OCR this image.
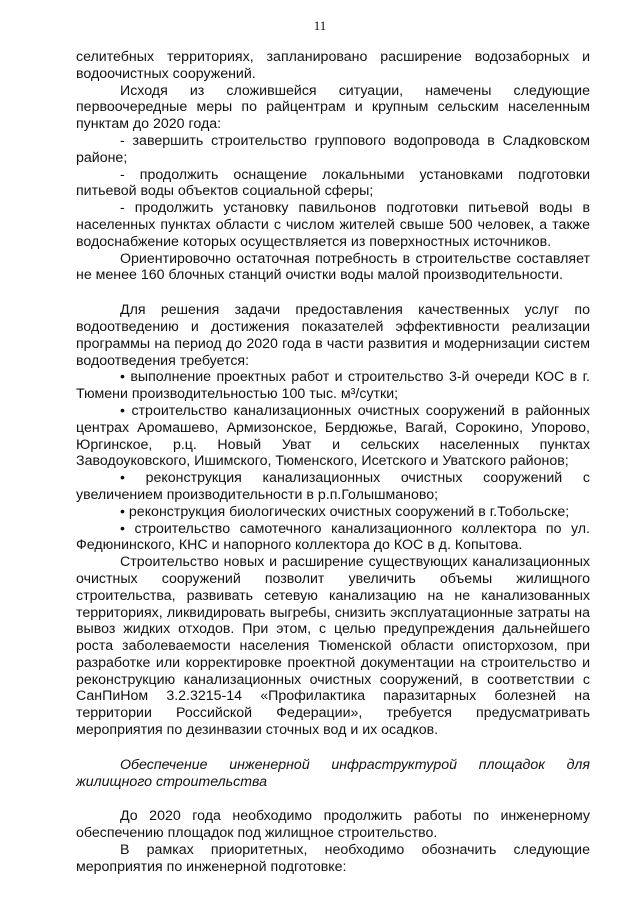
11

селитебных территориях, запланировано расширение водозаборных и водоочистных сооружений.

Исходя из сложившейся ситуации, намечены следующие первоочередные меры по райцентрам и крупным сельским населенным пунктам до 2020 года:

- завершить строительство группового водопровода в Сладковском районе;

- продолжить оснащение локальными установками подготовки питьевой воды объектов социальной сферы;

- продолжить установку павильонов подготовки питьевой воды в населенных пунктах области с числом жителей свыше 500 человек, а также водоснабжение которых осуществляется из поверхностных источников.

Ориентировочно остаточная потребность в строительстве составляет не менее 160 блочных станций очистки воды малой производительности.

Для решения задачи предоставления качественных услуг по водоотведению и достижения показателей эффективности реализации программы на период до 2020 года в части развития и модернизации систем водоотведения требуется:

• выполнение проектных работ и строительство 3-й очереди КОС в г. Тюмени производительностью 100 тыс. м³/сутки;

• строительство канализационных очистных сооружений в районных центрах Аромашево, Армизонское, Бердюжье, Вагай, Сорокино, Упорово, Юргинское, р.ц. Новый Уват и сельских населенных пунктах Заводоуковского, Ишимского, Тюменского, Исетского и Уватского районов;

• реконструкция канализационных очистных сооружений с увеличением производительности в р.п.Голышманово;

• реконструкция биологических очистных сооружений в г.Тобольске;

• строительство самотечного канализационного коллектора по ул. Федюнинского, КНС и напорного коллектора до КОС в д. Копытова.

Строительство новых и расширение существующих канализационных очистных сооружений позволит увеличить объемы жилищного строительства, развивать сетевую канализацию на не канализованных территориях, ликвидировать выгребы, снизить эксплуатационные затраты на вывоз жидких отходов. При этом, с целью предупреждения дальнейшего роста заболеваемости населения Тюменской области описторхозом, при разработке или корректировке проектной документации на строительство и реконструкцию канализационных очистных сооружений, в соответствии с СанПиНом 3.2.3215-14 «Профилактика паразитарных болезней на территории Российской Федерации», требуется предусматривать мероприятия по дезинвазии сточных вод и их осадков.

Обеспечение инженерной инфраструктурой площадок для жилищного строительства

До 2020 года необходимо продолжить работы по инженерному обеспечению площадок под жилищное строительство.

В рамках приоритетных, необходимо обозначить следующие мероприятия по инженерной подготовке:
